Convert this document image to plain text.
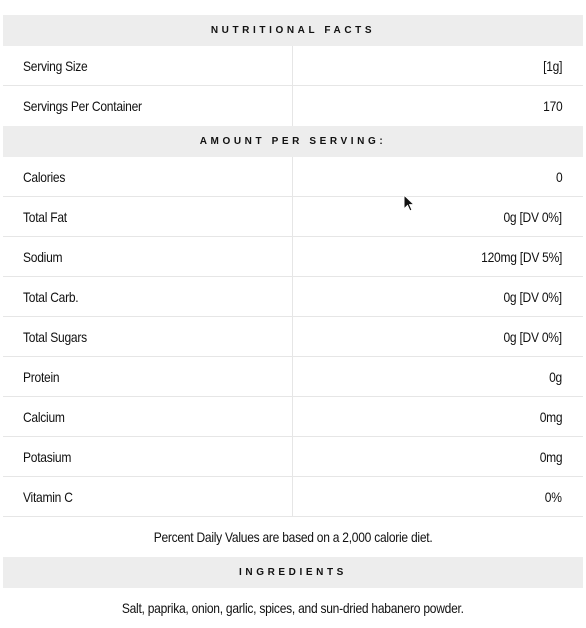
NUTRITIONAL FACTS
Serving Size	[1g]
Servings Per Container	170
AMOUNT PER SERVING:
Calories	0
Total Fat	0g [DV 0%]
Sodium	120mg [DV 5%]
Total Carb.	0g [DV 0%]
Total Sugars	0g [DV 0%]
Protein	0g
Calcium	0mg
Potasium	0mg
Vitamin C	0%
Percent Daily Values are based on a 2,000 calorie diet.
INGREDIENTS
Salt, paprika, onion, garlic, spices, and sun-dried habanero powder.
